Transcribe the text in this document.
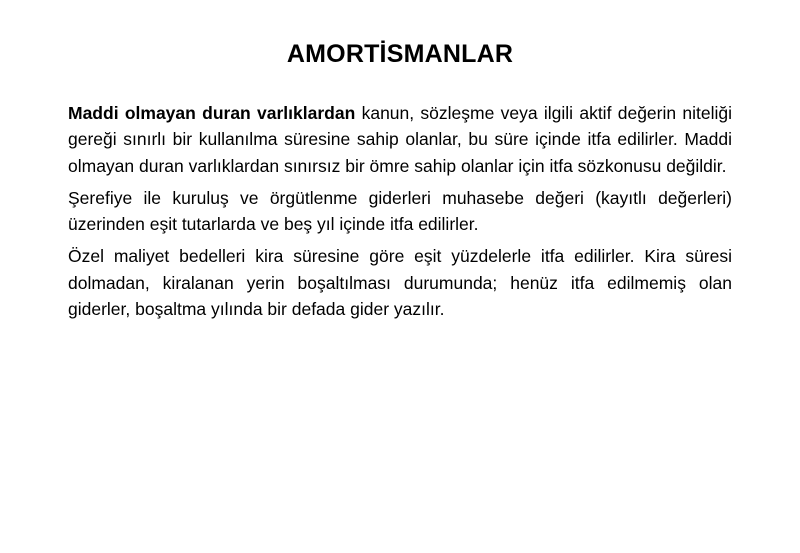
AMORTİSMANLAR

Maddi olmayan duran varlıklardan kanun, sözleşme veya ilgili aktif değerin niteliği gereği sınırlı bir kullanılma süresine sahip olanlar, bu süre içinde itfa edilirler. Maddi olmayan duran varlıklardan sınırsız bir ömre sahip olanlar için itfa sözkonusu değildir.

Şerefiye ile kuruluş ve örgütlenme giderleri muhasebe değeri (kayıtlı değerleri) üzerinden eşit tutarlarda ve beş yıl içinde itfa edilirler.

Özel maliyet bedelleri kira süresine göre eşit yüzdelerle itfa edilirler. Kira süresi dolmadan, kiralanan yerin boşaltılması durumunda; henüz itfa edilmemiş olan giderler, boşaltma yılında bir defada gider yazılır.
